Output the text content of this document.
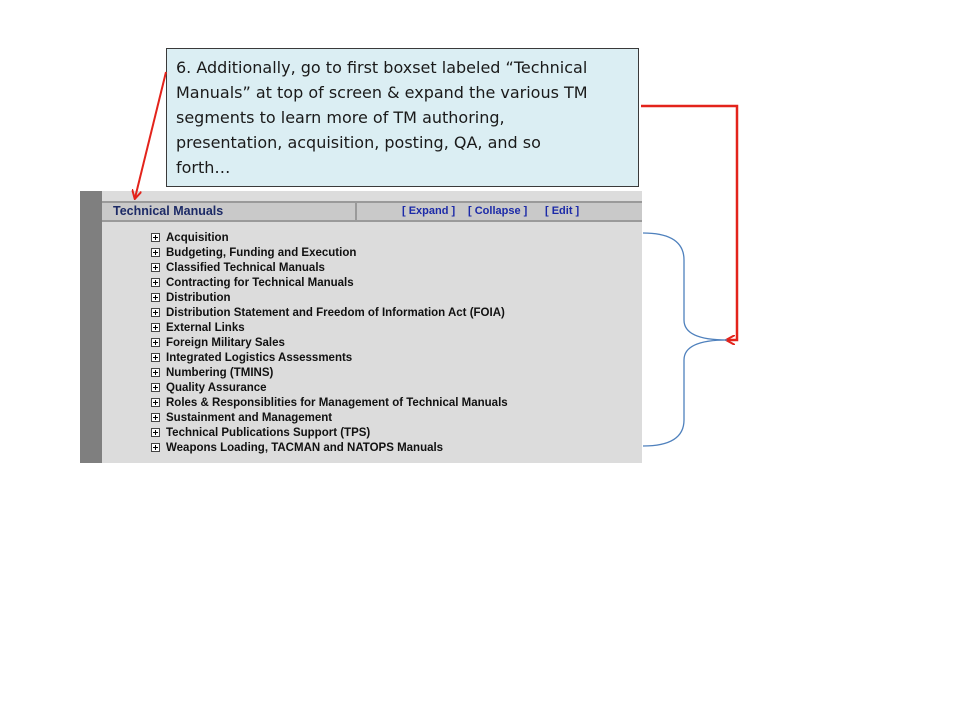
6. Additionally, go to first boxset labeled “Technical
Manuals” at top of screen & expand the various TM
segments to learn more of TM authoring,
presentation, acquisition, posting, QA, and so
forth…
Technical Manuals	[ Expand ] [ Collapse ] [ Edit ]
Acquisition
Budgeting, Funding and Execution
Classified Technical Manuals
Contracting for Technical Manuals
Distribution
Distribution Statement and Freedom of Information Act (FOIA)
External Links
Foreign Military Sales
Integrated Logistics Assessments
Numbering (TMINS)
Quality Assurance
Roles & Responsiblities for Management of Technical Manuals
Sustainment and Management
Technical Publications Support (TPS)
Weapons Loading, TACMAN and NATOPS Manuals
